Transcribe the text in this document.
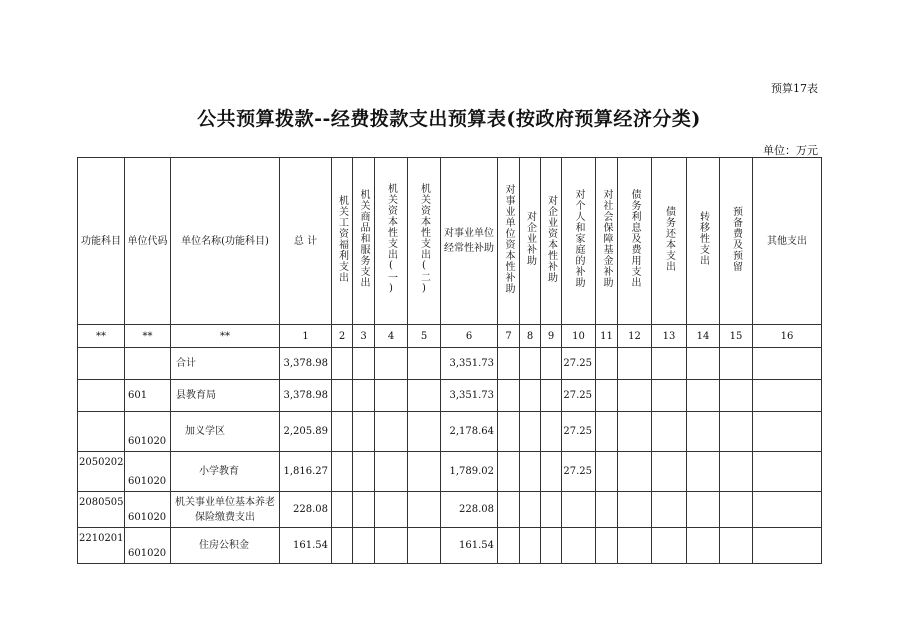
预算17表
公共预算拨款--经费拨款支出预算表(按政府预算经济分类)
单位：万元
功能科目	单位代码	单位名称(功能科目)	总 计	机关工资福利支出	机关商品和服务支出	机关资本性支出(一)	机关资本性支出(二)	对事业单位经常性补助	对事业单位资本性补助	对企业补助	对企业资本性补助	对个人和家庭的补助	对社会保障基金补助	债务利息及费用支出	债务还本支出	转移性支出	预备费及预留	其他支出
**	**	**	1	2	3	4	5	6	7	8	9	10	11	12	13	14	15	16
		合计	3,378.98					3,351.73				27.25						
	601	县教育局	3,378.98					3,351.73				27.25						
	601020	加义学区	2,205.89					2,178.64				27.25						
2050202	601020	小学教育	1,816.27					1,789.02				27.25						
2080505	601020	机关事业单位基本养老保险缴费支出	228.08					228.08										
2210201	601020	住房公积金	161.54					161.54										
